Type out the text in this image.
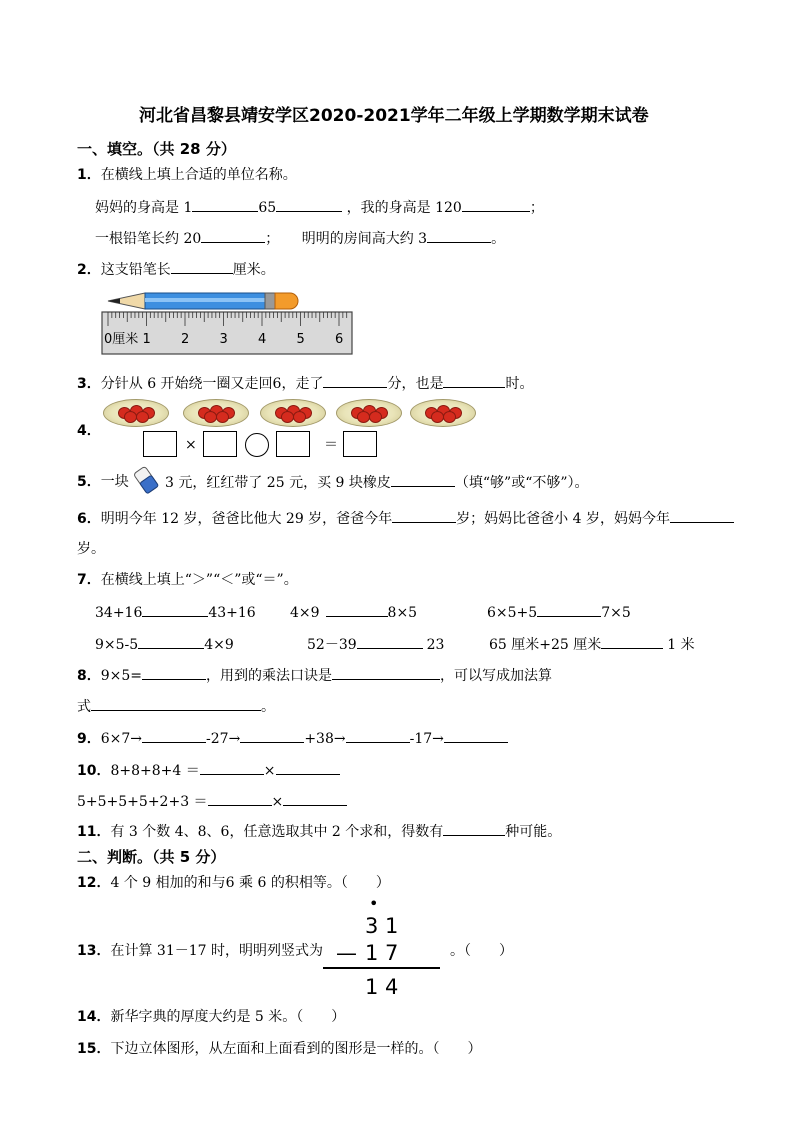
河北省昌黎县靖安学区2020-2021学年二年级上学期数学期末试卷
一、填空。（共 28 分）
1．在横线上填上合适的单位名称。
妈妈的身高是 1	65	，我的身高是 120	；
一根铅笔长约 20	； 明明的房间高大约 3	。
2．这支铅笔长	厘米。
0厘米 1 2 3 4 5 6
3．分针从 6 开始绕一圈又走回6，走了	分，也是	时。
4．
×	＝
5．一块	3 元，红红带了 25 元，买 9 块橡皮	（填“够”或“不够”）。
6．明明今年 12 岁，爸爸比他大 29 岁，爸爸今年	岁；妈妈比爸爸小 4 岁，妈妈今年
岁。
7．在横线上填上“＞”“＜”或“＝”。
34+16	43+16 4×9	8×5	6×5+5	7×5
9×5-5	4×9	52－39	23	65 厘米+25 厘米	1 米
8．9×5=	，用到的乘法口诀是	，可以写成加法算
式	。
9．6×7→	-27→	+38→	-17→
10．8+8+8+4 ＝	×
5+5+5+5+2+3 ＝	×
11．有 3 个数 4、8、6，任意选取其中 2 个求和，得数有	种可能。
二、判断。（共 5 分）
12．4 个 9 相加的和与6 乘 6 的积相等。（　　）
•
3 1
— 1 7
1 4
13．在计算 31－17 时，明明列竖式为	。（　　）
14．新华字典的厚度大约是 5 米。（　　）
15．下边立体图形，从左面和上面看到的图形是一样的。（　　）
